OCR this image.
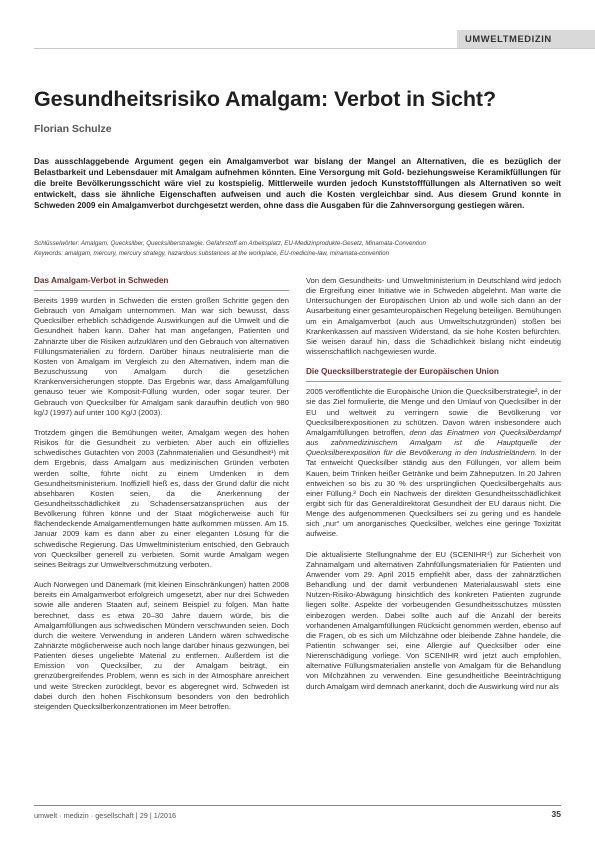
UMWELTMEDIZIN
Gesundheitsrisiko Amalgam: Verbot in Sicht?
Florian Schulze

Das ausschlaggebende Argument gegen ein Amalgamverbot war bislang der Mangel an Alternativen, die es bezüglich der Belastbarkeit und Lebensdauer mit Amalgam aufnehmen könnten. Eine Versorgung mit Gold- beziehungsweise Keramikfüllungen für die breite Bevölkerungsschicht wäre viel zu kostspielig. Mittlerweile wurden jedoch Kunststofffüllungen als Alternativen so weit entwickelt, dass sie ähnliche Eigenschaften aufweisen und auch die Kosten vergleichbar sind. Aus diesem Grund konnte in Schweden 2009 ein Amalgamverbot durchgesetzt werden, ohne dass die Ausgaben für die Zahnversorgung gestiegen wären.

Schlüsselwörter: Amalgam, Quecksilber, Quecksilberstrategie, Gefahrstoff am Arbeitsplatz, EU-Medizinprodukte-Gesetz, Minamata-Convention

Keywords: amalgam, mercury, mercury strategy, hazardous substances at the workplace, EU-medicine-law, minamata-convention

Das Amalgam-Verbot in Schweden

Bereits 1999 wurden in Schweden die ersten großen Schritte gegen den Gebrauch von Amalgam unternommen. Man war sich bewusst, dass Quecksilber erheblich schädigende Auswirkungen auf die Umwelt und die Gesundheit haben kann. Daher hat man angefangen, Patienten und Zahnärzte über die Risiken aufzuklären und den Gebrauch von alternativen Füllungsmaterialien zu fördern. Darüber hinaus neutralisierte man die Kosten von Amalgam im Vergleich zu den Alternativen, indem man die Bezuschussung von Amalgam durch die gesetzlichen Krankenversicherungen stoppte. Das Ergebnis war, dass Amalgamfüllung genauso teuer wie Komposit-Füllung wurden, oder sogar teurer. Der Gebrauch von Quecksilber für Amalgam sank daraufhin deutlich von 980 kg/J (1997) auf unter 100 Kg/J (2003).

Trotzdem gingen die Bemühungen weiter, Amalgam wegen des hohen Risikos für die Gesundheit zu verbieten. Aber auch ein offizielles schwedisches Gutachten von 2003 (Zahnmaterialien und Gesundheit¹) mit dem Ergebnis, dass Amalgam aus medizinischen Gründen verboten werden sollte, führte nicht zu einem Umdenken in dem Gesundheitsministerium. Inoffiziell hieß es, dass der Grund dafür die nicht absehbaren Kosten seien, da die Anerkennung der Gesundheitsschädlichkeit zu Schadensersatzansprüchen aus der Bevölkerung führen könne und der Staat möglicherweise auch für flächendeckende Amalgamentfernungen hätte aufkommen müssen. Am 15. Januar 2009 kam es dann aber zu einer eleganten Lösung für die schwedische Regierung. Das Umweltministerium entschied, den Gebrauch von Quecksilber generell zu verbieten. Somit wurde Amalgam wegen seines Beitrags zur Umweltverschmutzung verboten.

Auch Norwegen und Dänemark (mit kleinen Einschränkungen) hatten 2008 bereits ein Amalgamverbot erfolgreich umgesetzt, aber nur drei Schweden sowie alle anderen Staaten auf, seinem Beispiel zu folgen. Man hatte berechnet, dass es etwa 20–30 Jahre dauern würde, bis die Amalgamfüllungen aus schwedischen Mündern verschwunden seien. Doch durch die weitere Verwendung in anderen Ländern wären schwedische Zahnärzte möglicherweise auch noch lange darüber hinaus gezwungen, bei Patienten dieses ungeliebte Material zu entfernen. Außerdem ist die Emission von Quecksilber, zu der Amalgam beiträgt, ein grenzübergreifendes Problem, wenn es sich in der Atmosphäre anreichert und weite Strecken zurücklegt, bevor es abgeregnet wird. Schweden ist dabei durch den hohen Fischkonsum besonders von den bedrohlich steigenden Quecksilberkonzentrationen im Meer betroffen.

Von dem Gesundheits- und Umweltministerium in Deutschland wird jedoch die Ergreifung einer Initiative wie in Schweden abgelehnt. Man warte die Untersuchungen der Europäischen Union ab und wolle sich dann an der Ausarbeitung einer gesamteuropäischen Regelung beteiligen. Bemühungen um ein Amalgamverbot (auch aus Umweltschutzgründen) stoßen bei Krankenkassen auf massiven Widerstand, da sie hohe Kosten befürchten. Sie weisen darauf hin, dass die Schädlichkeit bislang nicht eindeutig wissenschaftlich nachgewiesen wurde.

Die Quecksilberstrategie der Europäischen Union

2005 veröffentlichte die Europäische Union die Quecksilberstrategie², in der sie das Ziel formulierte, die Menge und den Umlauf von Quecksilber in der EU und weltweit zu verringern sowie die Bevölkerung vor Quecksilberexpositionen zu schützen. Davon wären insbesondere auch Amalgamfüllungen betroffen, denn das Einatmen von Quecksilberdampf aus zahnmedizinischem Amalgam ist die Hauptquelle der Quecksilberexposition für die Bevölkerung in den Industrieländern. In der Tat entweicht Quecksilber ständig aus den Füllungen, vor allem beim Kauen, beim Trinken heißer Getränke und beim Zähneputzen. In 20 Jahren entweichen so bis zu 30 % des ursprünglichen Quecksilbergehalts aus einer Füllung.³ Doch ein Nachweis der direkten Gesundheitsschädlichkeit ergibt sich für das Generaldirektorat Gesundheit der EU daraus nicht. Die Menge des aufgenommenen Quecksilbers sei zu gering und es handele sich „nur“ um anorganisches Quecksilber, welches eine geringe Toxizität aufweise.

Die aktualisierte Stellungnahme der EU (SCENIHR⁴) zur Sicherheit von Zahnamalgam und alternativen Zahnfüllungsmaterialien für Patienten und Anwender vom 29. April 2015 empfiehlt aber, dass der zahnärztlichen Behandlung und der damit verbundenen Materialauswahl stets eine Nutzen-Risiko-Abwägung hinsichtlich des konkreten Patienten zugrunde liegen sollte. Aspekte der vorbeugenden Gesundheitsschutzes müssten einbezogen werden. Dabei sollte auch auf die Anzahl der bereits vorhandenen Amalgamfüllungen Rücksicht genommen werden, ebenso auf die Fragen, ob es sich um Milchzähne oder bleibende Zähne handele, die Patientin schwanger sei, eine Allergie auf Quecksilber oder eine Nierenschädigung vorliege. Von SCENIHR wird jetzt auch empfohlen, alternative Füllungsmaterialien anstelle von Amalgam für die Behandlung von Milchzähnen zu verwenden. Eine gesundheitliche Beeinträchtigung durch Amalgam wird demnach anerkannt, doch die Auswirkung wird nur als

umwelt · medizin · gesellschaft | 29 | 1/2016	35
